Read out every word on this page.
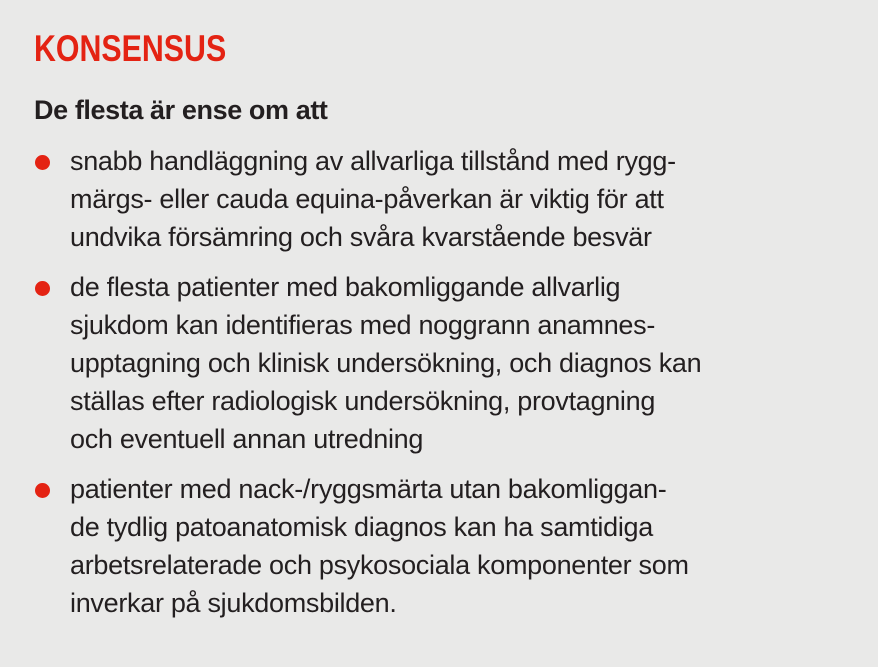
KONSENSUS
De flesta är ense om att
snabb handläggning av allvarliga tillstånd med rygg-
märgs- eller cauda equina-påverkan är viktig för att
undvika försämring och svåra kvarstående besvär
de flesta patienter med bakomliggande allvarlig
sjukdom kan identifieras med noggrann anamnes-
upptagning och klinisk undersökning, och diagnos kan
ställas efter radiologisk undersökning, provtagning
och eventuell annan utredning
patienter med nack-/ryggsmärta utan bakomliggan-
de tydlig patoanatomisk diagnos kan ha samtidiga
arbetsrelaterade och psykosociala komponenter som
inverkar på sjukdomsbilden.
